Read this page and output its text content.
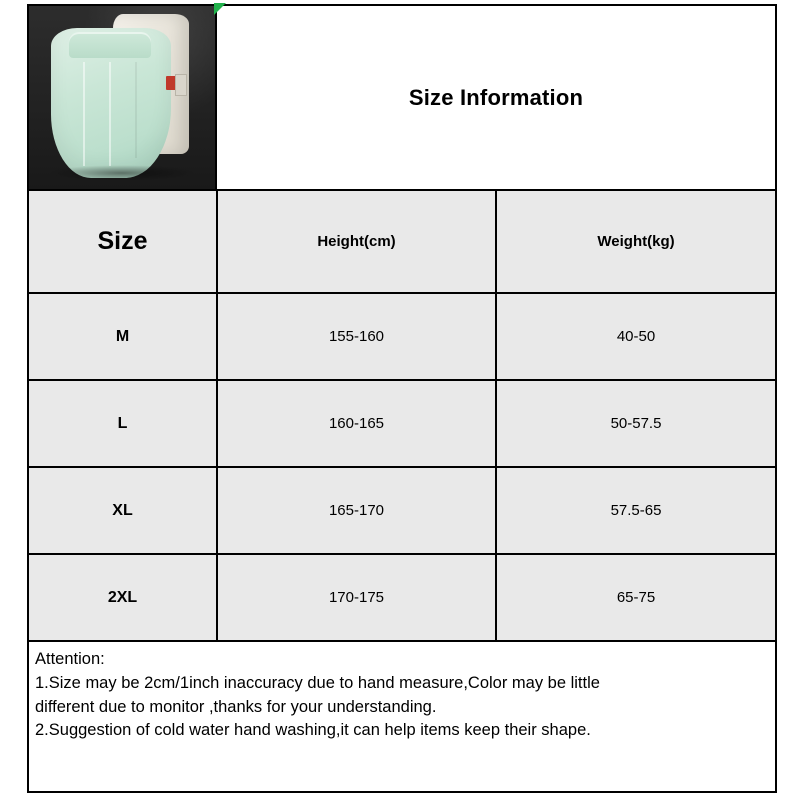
Size Information
Size	Height(cm)	Weight(kg)
M	155-160	40-50
L	160-165	50-57.5
XL	165-170	57.5-65
2XL	170-175	65-75

Attention:

1.Size may be 2cm/1inch inaccuracy due to hand measure,Color may be little

different due to monitor ,thanks for your understanding.

2.Suggestion of cold water hand washing,it can help items keep their shape.
